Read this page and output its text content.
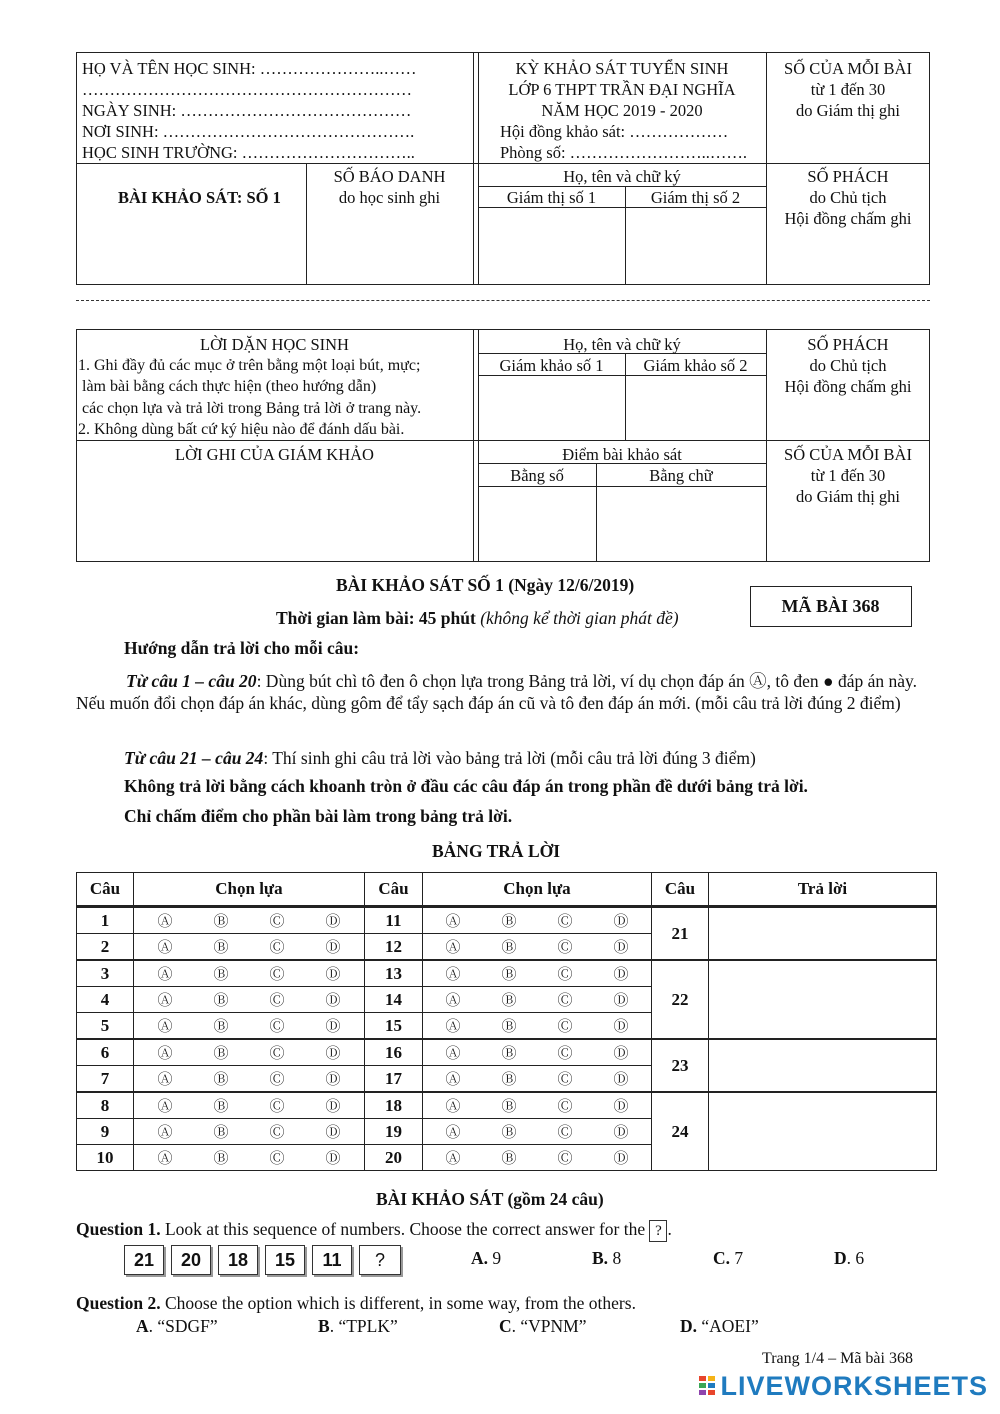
HỌ VÀ TÊN HỌC SINH: …………………..……
……………………………………………………
NGÀY SINH: ……………………………………
NƠI SINH: ……………………………………….
HỌC SINH TRƯỜNG: …………………………..
KỲ KHẢO SÁT TUYỂN SINH
LỚP 6 THPT TRẦN ĐẠI NGHĨA
NĂM HỌC 2019 - 2020
Hội đồng khảo sát: ………………
Phòng số: ……………………..…….
SỐ CỦA MỖI BÀI
từ 1 đến 30
do Giám thị ghi
BÀI KHẢO SÁT: SỐ 1
SỐ BÁO DANH
do học sinh ghi
Họ, tên và chữ ký
Giám thị số 1	Giám thị số 2
SỐ PHÁCH
do Chủ tịch
Hội đồng chấm ghi
LỜI DẶN HỌC SINH
1. Ghi đầy đủ các mục ở trên bằng một loại bút, mực;
làm bài bằng cách thực hiện (theo hướng dẫn)
các chọn lựa và trả lời trong Bảng trả lời ở trang này.
2. Không dùng bất cứ ký hiệu nào để đánh dấu bài.
Họ, tên và chữ ký
Giám khảo số 1	Giám khảo số 2
SỐ PHÁCH
do Chủ tịch
Hội đồng chấm ghi
LỜI GHI CỦA GIÁM KHẢO	Điểm bài khảo sát
Bằng số	Bằng chữ
SỐ CỦA MỖI BÀI
từ 1 đến 30
do Giám thị ghi
BÀI KHẢO SÁT SỐ 1 (Ngày 12/6/2019)
Thời gian làm bài: 45 phút (không kể thời gian phát đề)
MÃ BÀI 368
Hướng dẫn trả lời cho mỗi câu:
Từ câu 1 – câu 20: Dùng bút chì tô đen ô chọn lựa trong Bảng trả lời, ví dụ chọn đáp án Ⓐ, tô đen ● đáp án này. Nếu muốn đổi chọn đáp án khác, dùng gôm để tẩy sạch đáp án cũ và tô đen đáp án mới. (mỗi câu trả lời đúng 2 điểm)
Từ câu 21 – câu 24: Thí sinh ghi câu trả lời vào bảng trả lời (mỗi câu trả lời đúng 3 điểm)
Không trả lời bằng cách khoanh tròn ở đầu các câu đáp án trong phần đề dưới bảng trả lời.
Chỉ chấm điểm cho phần bài làm trong bảng trả lời.
BẢNG TRẢ LỜI
Câu	Chọn lựa	Câu	Chọn lựa	Câu	Trả lời
1	Ⓐ Ⓑ Ⓒ Ⓓ	11	Ⓐ Ⓑ Ⓒ Ⓓ	21	
2	Ⓐ Ⓑ Ⓒ Ⓓ	12	Ⓐ Ⓑ Ⓒ Ⓓ		
3	Ⓐ Ⓑ Ⓒ Ⓓ	13	Ⓐ Ⓑ Ⓒ Ⓓ	22	
4	Ⓐ Ⓑ Ⓒ Ⓓ	14	Ⓐ Ⓑ Ⓒ Ⓓ		
5	Ⓐ Ⓑ Ⓒ Ⓓ	15	Ⓐ Ⓑ Ⓒ Ⓓ		
6	Ⓐ Ⓑ Ⓒ Ⓓ	16	Ⓐ Ⓑ Ⓒ Ⓓ	23	
7	Ⓐ Ⓑ Ⓒ Ⓓ	17	Ⓐ Ⓑ Ⓒ Ⓓ		
8	Ⓐ Ⓑ Ⓒ Ⓓ	18	Ⓐ Ⓑ Ⓒ Ⓓ	24	
9	Ⓐ Ⓑ Ⓒ Ⓓ	19	Ⓐ Ⓑ Ⓒ Ⓓ		
10	Ⓐ Ⓑ Ⓒ Ⓓ	20	Ⓐ Ⓑ Ⓒ Ⓓ		
BÀI KHẢO SÁT (gồm 24 câu)
Question 1. Look at this sequence of numbers. Choose the correct answer for the ? .
21 20 18 15 11 ?	A. 9	B. 8	C. 7	D. 6
Question 2. Choose the option which is different, in some way, from the others.
A. “SDGF”	B. “TPLK”	C. “VPNM”	D. “AOEI”
Trang 1/4 – Mã bài 368
LIVEWORKSHEETS
